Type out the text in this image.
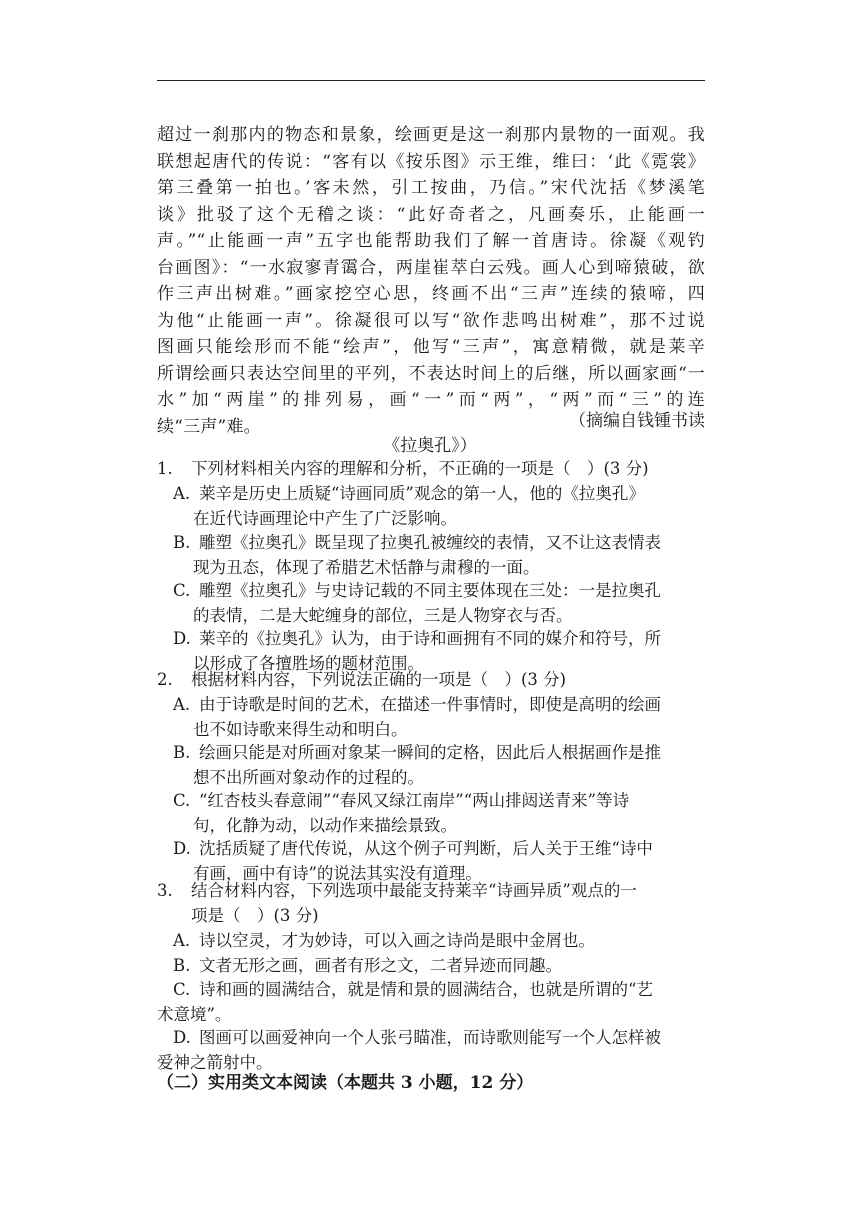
超过一刹那内的物态和景象，绘画更是这一刹那内景物的一面观。我
联想起唐代的传说：“客有以《按乐图》示王维，维曰：‘此《霓裳》
第三叠第一拍也。’客未然，引工按曲，乃信。”宋代沈括《梦溪笔
谈》批驳了这个无稽之谈：“此好奇者之，凡画奏乐，止能画一
声。”“止能画一声”五字也能帮助我们了解一首唐诗。徐凝《观钓
台画图》：“一水寂寥青霭合，两崖崔萃白云残。画人心到啼猿破，欲
作三声出树难。”画家挖空心思，终画不出“三声”连续的猿啼，四
为他“止能画一声”。徐凝很可以写“欲作悲鸣出树难”，那不过说
图画只能绘形而不能“绘声”，他写“三声”，寓意精微，就是莱辛
所谓绘画只表达空间里的平列，不表达时间上的后继，所以画家画“一
水”加“两崖”的排列易，画“一”而“两”，“两”而“三”的连
续“三声”难。	（摘编自钱锺书读
《拉奥孔》）
1. 下列材料相关内容的理解和分析，不正确的一项是（　）(3 分)
A. 莱辛是历史上质疑“诗画同质”观念的第一人，他的《拉奥孔》
在近代诗画理论中产生了广泛影响。
B. 雕塑《拉奥孔》既呈现了拉奥孔被缠绞的表情，又不让这表情表
现为丑态，体现了希腊艺术恬静与肃穆的一面。
C. 雕塑《拉奥孔》与史诗记载的不同主要体现在三处：一是拉奥孔
的表情，二是大蛇缠身的部位，三是人物穿衣与否。
D. 莱辛的《拉奥孔》认为，由于诗和画拥有不同的媒介和符号，所
以形成了各擅胜场的题材范围。
2. 根据材料内容，下列说法正确的一项是（　）(3 分)
A. 由于诗歌是时间的艺术，在描述一件事情时，即使是高明的绘画
也不如诗歌来得生动和明白。
B. 绘画只能是对所画对象某一瞬间的定格，因此后人根据画作是推
想不出所画对象动作的过程的。
C. “红杏枝头春意闹”“春风又绿江南岸”“两山排闼送青来”等诗
句，化静为动，以动作来描绘景致。
D. 沈括质疑了唐代传说，从这个例子可判断，后人关于王维“诗中
有画，画中有诗”的说法其实没有道理。
3. 结合材料内容，下列选项中最能支持莱辛“诗画异质”观点的一
项是（　）(3 分)
A. 诗以空灵，才为妙诗，可以入画之诗尚是眼中金屑也。
B. 文者无形之画，画者有形之文，二者异迹而同趣。
C. 诗和画的圆满结合，就是情和景的圆满结合，也就是所谓的“艺
术意境”。
D. 图画可以画爱神向一个人张弓瞄准，而诗歌则能写一个人怎样被
爱神之箭射中。
（二）实用类文本阅读（本题共 3 小题，12 分）
